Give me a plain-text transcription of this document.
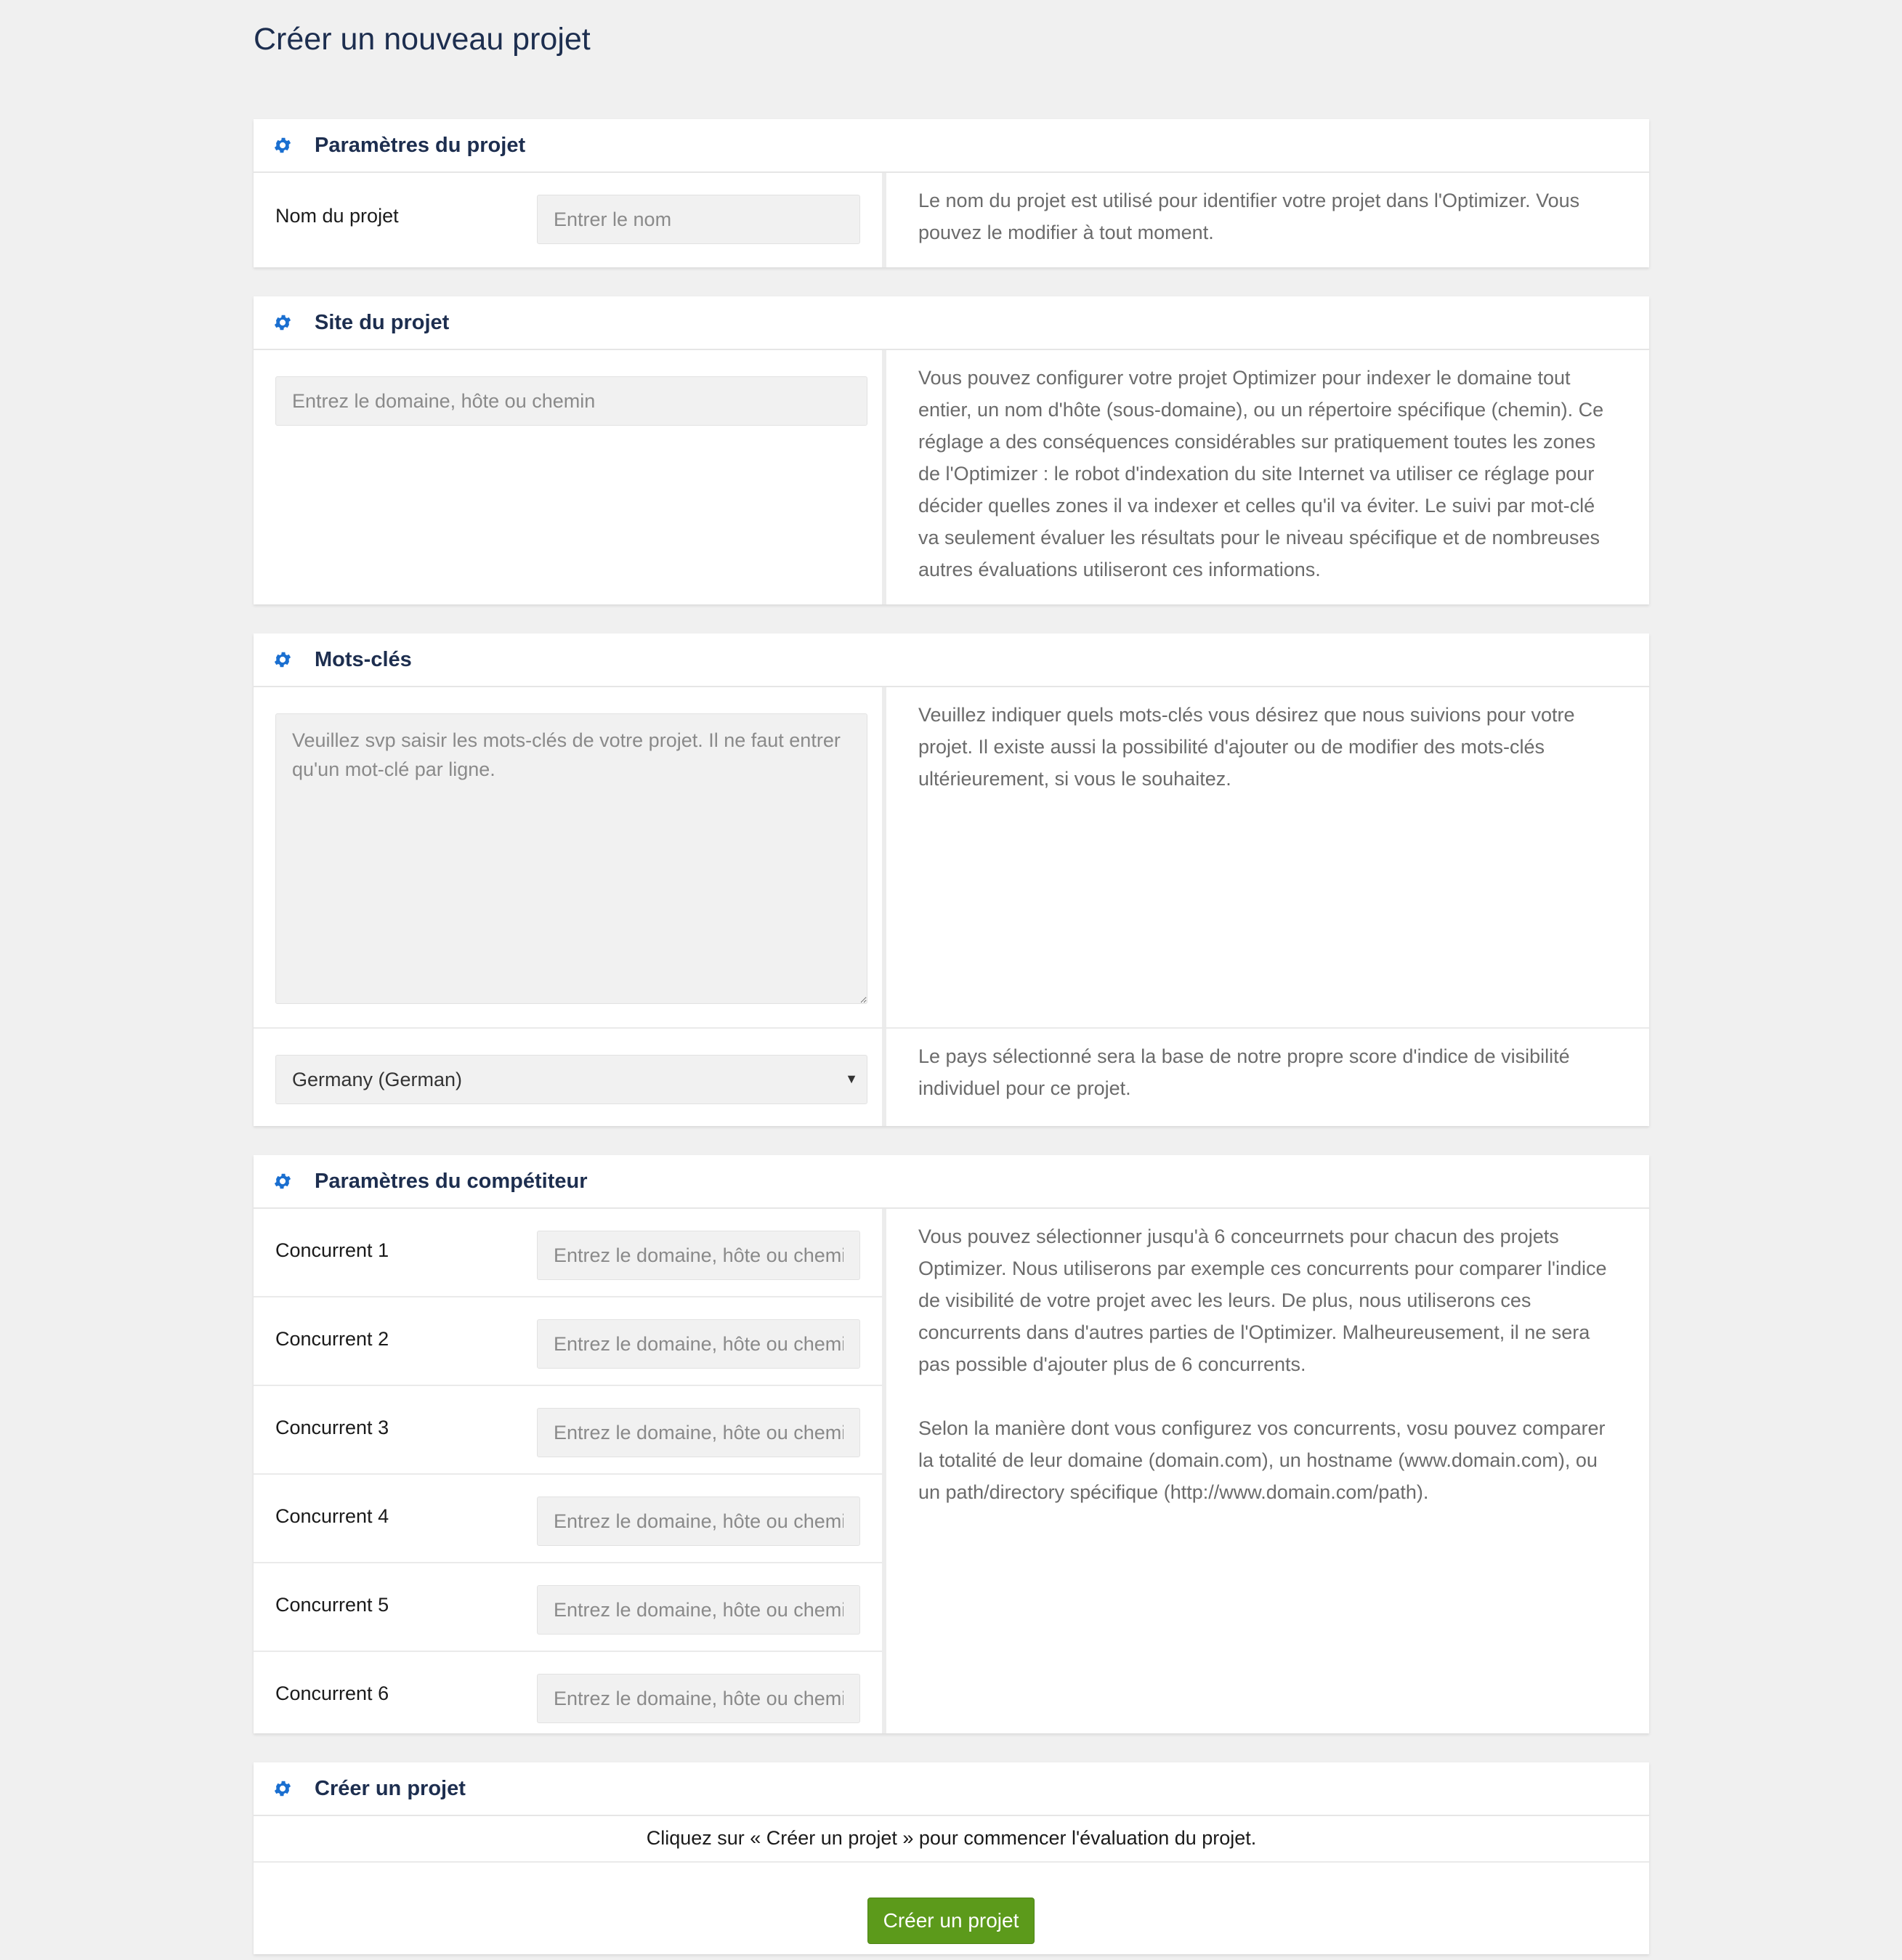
Créer un nouveau projet
Paramètres du projet
Nom du projet
Entrer le nom

Le nom du projet est utilisé pour identifier votre projet dans l'Optimizer. Vous pouvez le modifier à tout moment.

Site du projet
Entrez le domaine, hôte ou chemin

Vous pouvez configurer votre projet Optimizer pour indexer le domaine tout entier, un nom d'hôte (sous-domaine), ou un répertoire spécifique (chemin). Ce réglage a des conséquences considérables sur pratiquement toutes les zones de l'Optimizer : le robot d'indexation du site Internet va utiliser ce réglage pour décider quelles zones il va indexer et celles qu'il va éviter. Le suivi par mot-clé va seulement évaluer les résultats pour le niveau spécifique et de nombreuses autres évaluations utiliseront ces informations.

Mots-clés
Veuillez svp saisir les mots-clés de votre projet. Il ne faut entrer qu'un mot-clé par ligne.

Veuillez indiquer quels mots-clés vous désirez que nous suivions pour votre projet. Il existe aussi la possibilité d'ajouter ou de modifier des mots-clés ultérieurement, si vous le souhaitez.

Germany (German)	▼

Le pays sélectionné sera la base de notre propre score d'indice de visibilité individuel pour ce projet.

Paramètres du compétiteur
Concurrent 1
Entrez le domaine, hôte ou chemin
Concurrent 2
Entrez le domaine, hôte ou chemin
Concurrent 3
Entrez le domaine, hôte ou chemin
Concurrent 4
Entrez le domaine, hôte ou chemin
Concurrent 5
Entrez le domaine, hôte ou chemin
Concurrent 6
Entrez le domaine, hôte ou chemin

Vous pouvez sélectionner jusqu'à 6 conceurrnets pour chacun des projets Optimizer. Nous utiliserons par exemple ces concurrents pour comparer l'indice de visibilité de votre projet avec les leurs. De plus, nous utiliserons ces concurrents dans d'autres parties de l'Optimizer. Malheureusement, il ne sera pas possible d'ajouter plus de 6 concurrents.

Selon la manière dont vous configurez vos concurrents, vosu pouvez comparer la totalité de leur domaine (domain.com), un hostname (www.domain.com), ou un path/directory spécifique (http://www.domain.com/path).

Créer un projet
Cliquez sur « Créer un projet » pour commencer l'évaluation du projet.
Créer un projet
